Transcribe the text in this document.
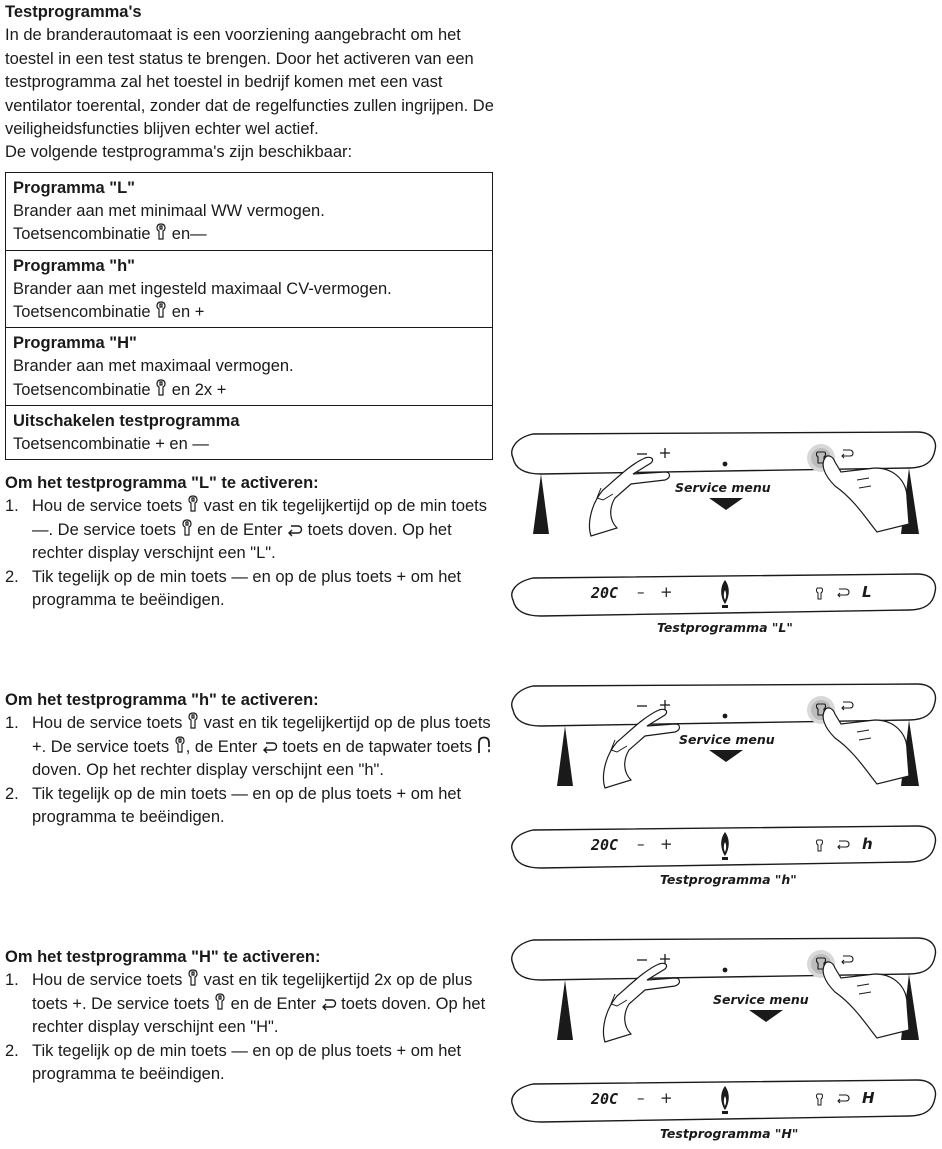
Testprogramma's
In de branderautomaat is een voorziening aangebracht om het toestel in een test status te brengen. Door het activeren van een testprogramma zal het toestel in bedrijf komen met een vast ventilator toerental, zonder dat de regelfuncties zullen ingrijpen. De veiligheidsfuncties blijven echter wel actief.
De volgende testprogramma's zijn beschikbaar:
Programma "L"
Brander aan met minimaal WW vermogen.
Toetsencombinatie en—
Programma "h"
Brander aan met ingesteld maximaal CV-vermogen.
Toetsencombinatie en +
Programma "H"
Brander aan met maximaal vermogen.
Toetsencombinatie en 2x +
Uitschakelen testprogramma
Toetsencombinatie + en —
Om het testprogramma "L" te activeren:
1. Hou de service toets vast en tik tegelijkertijd op de min toets —. De service toets en de Enter toets doven. Op het rechter display verschijnt een "L".
2. Tik tegelijk op de min toets — en op de plus toets + om het programma te beëindigen.
Om het testprogramma "h" te activeren:
1. Hou de service toets vast en tik tegelijkertijd op de plus toets +. De service toets , de Enter toets en de tapwater toets  doven. Op het rechter display verschijnt een "h".
2. Tik tegelijk op de min toets — en op de plus toets + om het programma te beëindigen.
Om het testprogramma "H" te activeren:
1. Hou de service toets vast en tik tegelijkertijd 2x op de plus toets +. De service toets en de Enter toets doven. Op het rechter display verschijnt een "H".
2. Tik tegelijk op de min toets — en op de plus toets + om het programma te beëindigen.
Service menu
20C – +	L
Testprogramma "L"
Service menu
20C – +	h
Testprogramma "h"
Service menu
20C – +	H
Testprogramma "H"
